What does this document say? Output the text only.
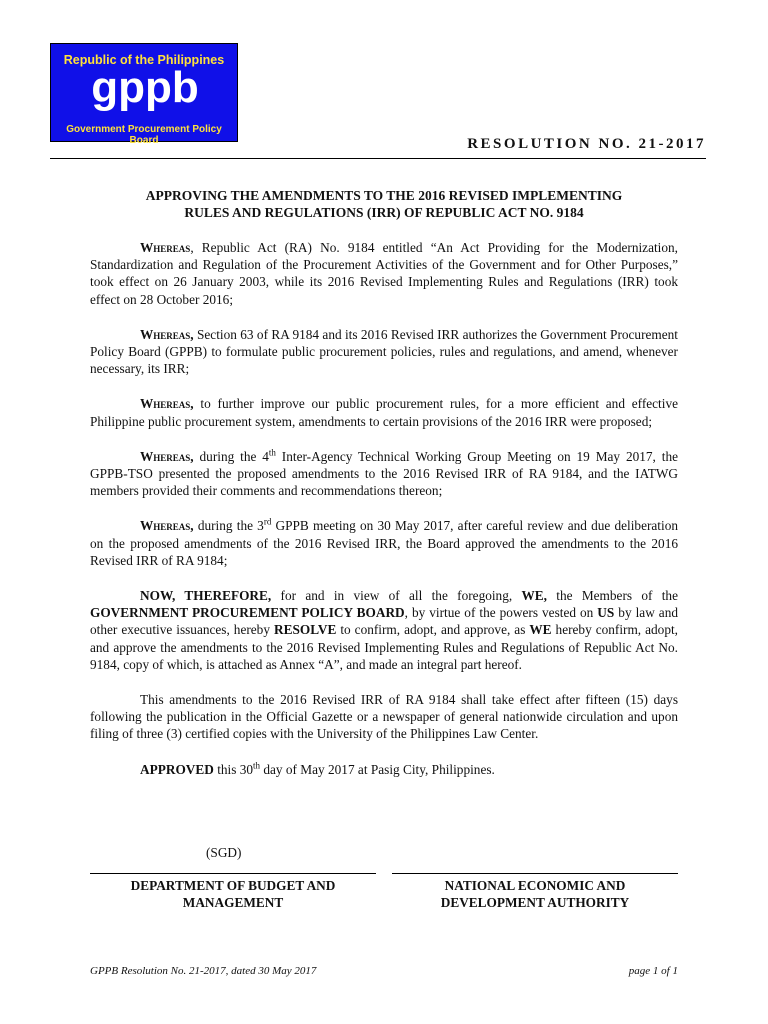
Republic of the Philippines
gppb
Government Procurement Policy Board	RESOLUTION NO. 21-2017
APPROVING THE AMENDMENTS TO THE 2016 REVISED IMPLEMENTING
RULES AND REGULATIONS (IRR) OF REPUBLIC ACT NO. 9184

Whereas, Republic Act (RA) No. 9184 entitled “An Act Providing for the Modernization, Standardization and Regulation of the Procurement Activities of the Government and for Other Purposes,” took effect on 26 January 2003, while its 2016 Revised Implementing Rules and Regulations (IRR) took effect on 28 October 2016;

Whereas, Section 63 of RA 9184 and its 2016 Revised IRR authorizes the Government Procurement Policy Board (GPPB) to formulate public procurement policies, rules and regulations, and amend, whenever necessary, its IRR;

Whereas, to further improve our public procurement rules, for a more efficient and effective Philippine public procurement system, amendments to certain provisions of the 2016 IRR were proposed;

Whereas, during the 4th Inter-Agency Technical Working Group Meeting on 19 May 2017, the GPPB-TSO presented the proposed amendments to the 2016 Revised IRR of RA 9184, and the IATWG members provided their comments and recommendations thereon;

Whereas, during the 3rd GPPB meeting on 30 May 2017, after careful review and due deliberation on the proposed amendments of the 2016 Revised IRR, the Board approved the amendments to the 2016 Revised IRR of RA 9184;

NOW, THEREFORE, for and in view of all the foregoing, WE, the Members of the GOVERNMENT PROCUREMENT POLICY BOARD, by virtue of the powers vested on US by law and other executive issuances, hereby RESOLVE to confirm, adopt, and approve, as WE hereby confirm, adopt, and approve the amendments to the 2016 Revised Implementing Rules and Regulations of Republic Act No. 9184, copy of which, is attached as Annex “A”, and made an integral part hereof.

This amendments to the 2016 Revised IRR of RA 9184 shall take effect after fifteen (15) days following the publication in the Official Gazette or a newspaper of general nationwide circulation and upon filing of three (3) certified copies with the University of the Philippines Law Center.

APPROVED this 30th day of May 2017 at Pasig City, Philippines.

(SGD)
DEPARTMENT OF BUDGET AND
MANAGEMENT
NATIONAL ECONOMIC AND
DEVELOPMENT AUTHORITY
GPPB Resolution No. 21-2017, dated 30 May 2017	page 1 of 1
